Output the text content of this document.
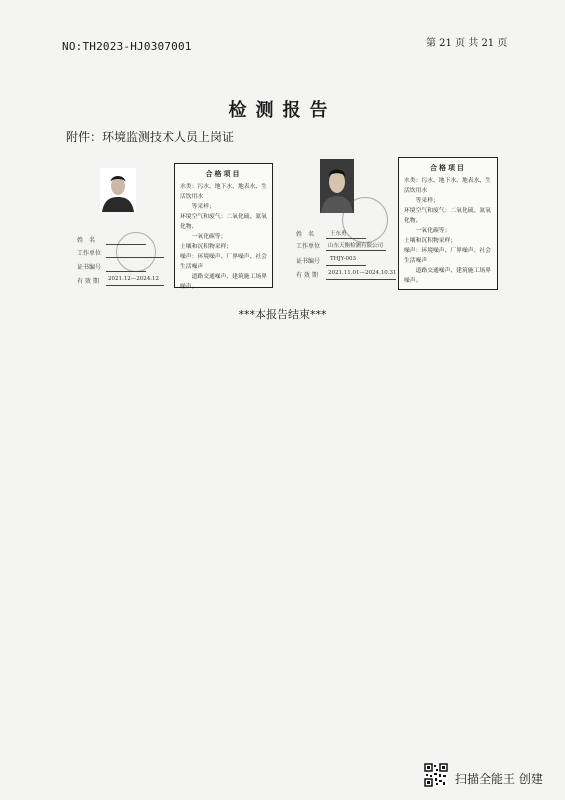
NO:TH2023-HJ0307001	第 21 页 共 21 页
检测报告
附件：环境监测技术人员上岗证
姓　名
工作单位
证书编号
有 效 期 2021.12—2024.12
合格项目
水类：污水、地下水、地表水、生活饮用水
　　等采样；
环境空气和废气：二氧化硫、氮氧化物、
　　一氧化碳等；
土壤和沉积物采样；
噪声：环境噪声、厂界噪声、社会生活噪声
　　道路交通噪声、建筑施工场界噪声。
姓　名	王东勇
工作单位 山东天衡检测有限公司
证书编号 THJY-003
有 效 期 2021.11.01—2024.10.31
合格项目
水类：污水、地下水、地表水、生活饮用水
　　等采样；
环境空气和废气：二氧化硫、氮氧化物、
　　一氧化碳等；
土壤和沉积物采样；
噪声：环境噪声、厂界噪声、社会生活噪声
　　道路交通噪声、建筑施工场界噪声。
***本报告结束***
扫描全能王 创建
